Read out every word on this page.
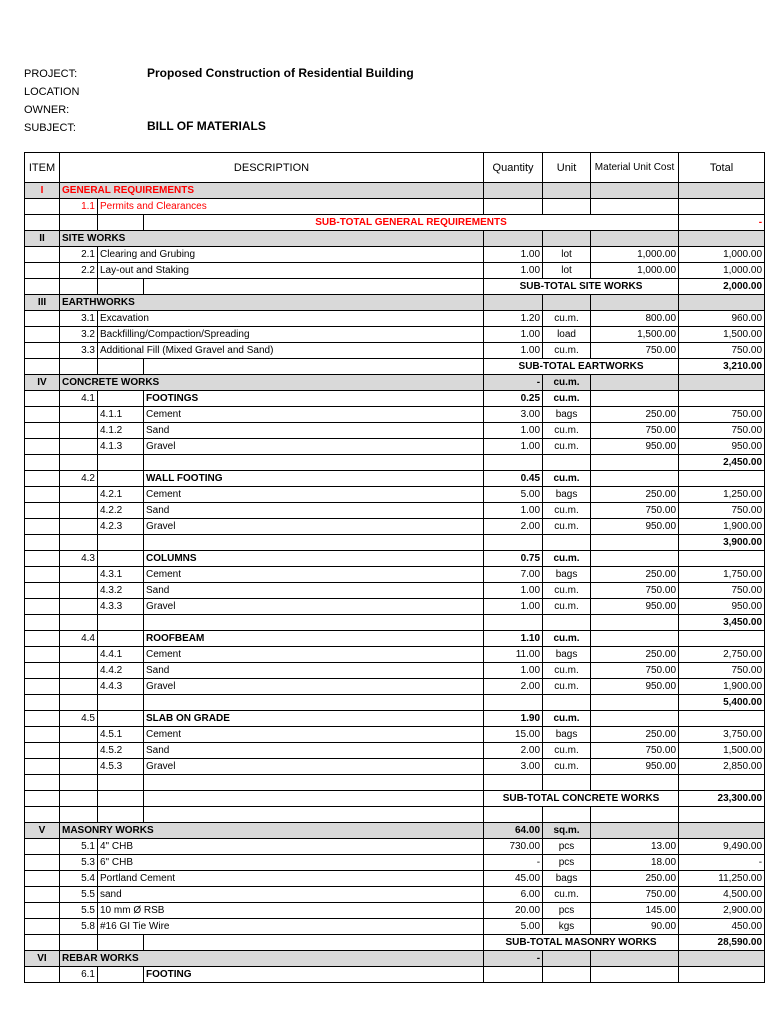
PROJECT:	Proposed Construction of Residential Building
LOCATION
OWNER:
SUBJECT:	BILL OF MATERIALS
ITEM	DESCRIPTION			Quantity	Unit	Material Unit Cost	Total
I	GENERAL REQUIREMENTS						
	1.1	Permits and Clearances					
			SUB-TOTAL GENERAL REQUIREMENTS				-
II	SITE WORKS						
	2.1	Clearing and Grubing		1.00	lot	1,000.00	1,000.00
	2.2	Lay-out and Staking		1.00	lot	1,000.00	1,000.00
				SUB-TOTAL SITE WORKS			2,000.00
III	EARTHWORKS						
	3.1	Excavation		1.20	cu.m.	800.00	960.00
	3.2	Backfilling/Compaction/Spreading		1.00	load	1,500.00	1,500.00
	3.3	Additional Fill (Mixed Gravel and Sand)		1.00	cu.m.	750.00	750.00
				SUB-TOTAL EARTWORKS			3,210.00
IV	CONCRETE WORKS			-	cu.m.		
	4.1		FOOTINGS	0.25	cu.m.		
		4.1.1	Cement	3.00	bags	250.00	750.00
		4.1.2	Sand	1.00	cu.m.	750.00	750.00
		4.1.3	Gravel	1.00	cu.m.	950.00	950.00
							2,450.00
	4.2		WALL FOOTING	0.45	cu.m.		
		4.2.1	Cement	5.00	bags	250.00	1,250.00
		4.2.2	Sand	1.00	cu.m.	750.00	750.00
		4.2.3	Gravel	2.00	cu.m.	950.00	1,900.00
							3,900.00
	4.3		COLUMNS	0.75	cu.m.		
		4.3.1	Cement	7.00	bags	250.00	1,750.00
		4.3.2	Sand	1.00	cu.m.	750.00	750.00
		4.3.3	Gravel	1.00	cu.m.	950.00	950.00
							3,450.00
	4.4		ROOFBEAM	1.10	cu.m.		
		4.4.1	Cement	11.00	bags	250.00	2,750.00
		4.4.2	Sand	1.00	cu.m.	750.00	750.00
		4.4.3	Gravel	2.00	cu.m.	950.00	1,900.00
							5,400.00
	4.5		SLAB ON GRADE	1.90	cu.m.		
		4.5.1	Cement	15.00	bags	250.00	3,750.00
		4.5.2	Sand	2.00	cu.m.	750.00	1,500.00
		4.5.3	Gravel	3.00	cu.m.	950.00	2,850.00

				SUB-TOTAL CONCRETE WORKS			23,300.00

V	MASONRY WORKS			64.00	sq.m.		
	5.1	4" CHB		730.00	pcs	13.00	9,490.00
	5.3	6" CHB		-	pcs	18.00	-
	5.4	Portland Cement		45.00	bags	250.00	11,250.00
	5.5	sand		6.00	cu.m.	750.00	4,500.00
	5.5	10 mm Ø RSB		20.00	pcs	145.00	2,900.00
	5.8	#16 GI Tie Wire		5.00	kgs	90.00	450.00
				SUB-TOTAL MASONRY WORKS			28,590.00
VI	REBAR WORKS			-			
	6.1		FOOTING				
